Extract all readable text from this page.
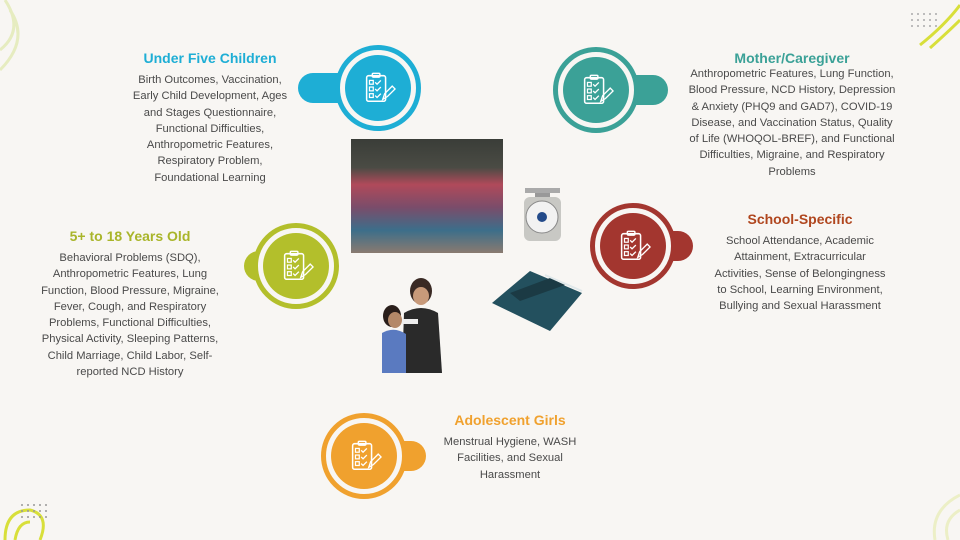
Under Five Children
Birth Outcomes, Vaccination,
Early Child Development, Ages
and Stages Questionnaire,
Functional Difficulties,
Anthropometric Features,
Respiratory Problem,
Foundational Learning
Mother/Caregiver
Anthropometric Features, Lung Function,
Blood Pressure, NCD History, Depression
& Anxiety (PHQ9 and GAD7), COVID-19
Disease, and Vaccination Status, Quality
of Life (WHOQOL-BREF), and Functional
Difficulties, Migraine, and Respiratory
Problems
School-Specific
School Attendance, Academic
Attainment, Extracurricular
Activities, Sense of Belongingness
to School, Learning Environment,
Bullying and Sexual Harassment
5+ to 18 Years Old
Behavioral Problems (SDQ),
Anthropometric Features, Lung
Function, Blood Pressure, Migraine,
Fever, Cough, and Respiratory
Problems, Functional Difficulties,
Physical Activity, Sleeping Patterns,
Child Marriage, Child Labor, Self-
reported NCD History
Adolescent Girls
Menstrual Hygiene, WASH
Facilities, and Sexual
Harassment
